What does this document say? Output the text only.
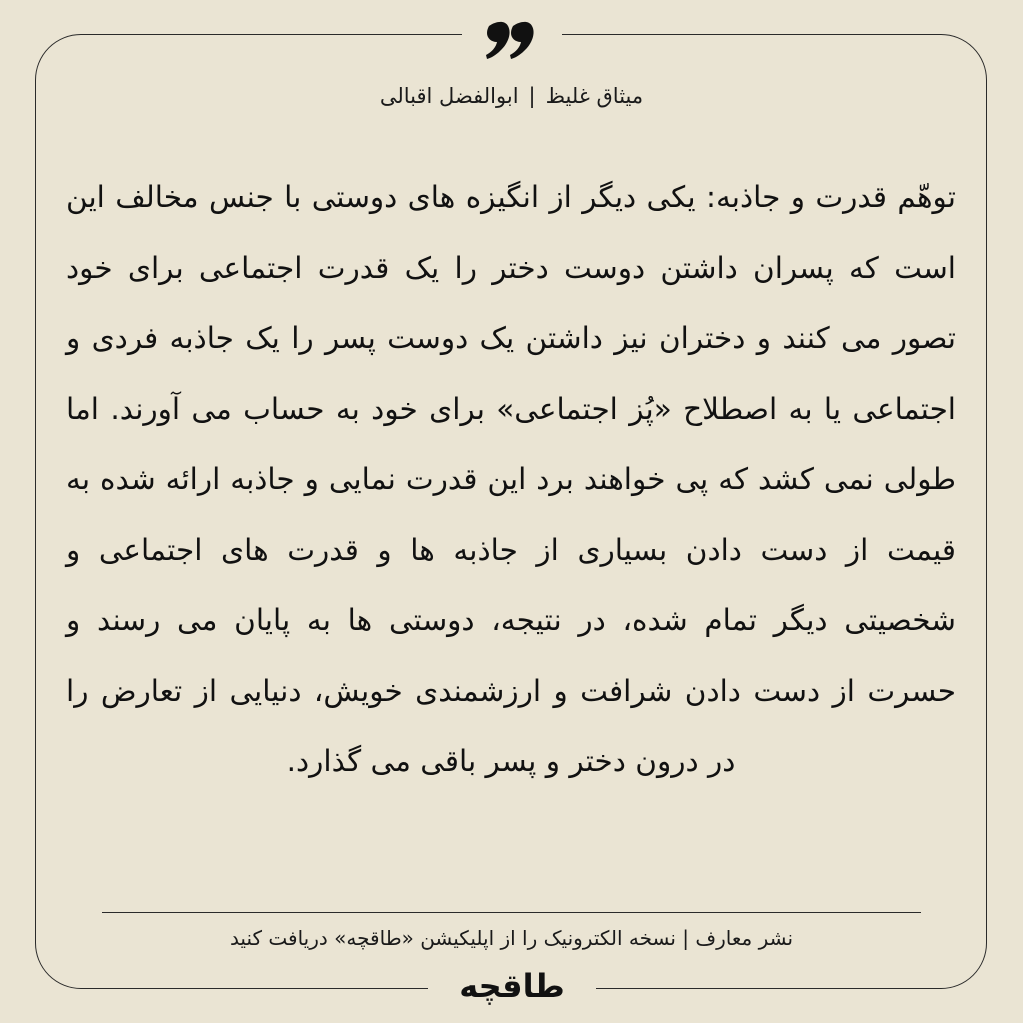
میثاق غلیظ|ابوالفضل اقبالی
توهّم قدرت و جاذبه: یکی دیگر از انگیزه های دوستی با جنس مخالف این است که پسران داشتن دوست دختر را یک قدرت اجتماعی برای خود تصور می کنند و دختران نیز داشتن یک دوست پسر را یک جاذبه فردی و اجتماعی یا به اصطلاح «پُز اجتماعی» برای خود به حساب می آورند. اما طولی نمی کشد که پی خواهند برد این قدرت نمایی و جاذبه ارائه شده به قیمت از دست دادن بسیاری از جاذبه ها و قدرت های اجتماعی و شخصیتی دیگر تمام شده، در نتیجه، دوستی ها به پایان می رسند و حسرت از دست دادن شرافت و ارزشمندی خویش، دنیایی از تعارض را در درون دختر و پسر باقی می گذارد.
نشر معارف | نسخه الکترونیک را از اپلیکیشن «طاقچه» دریافت کنید
طاقچه
